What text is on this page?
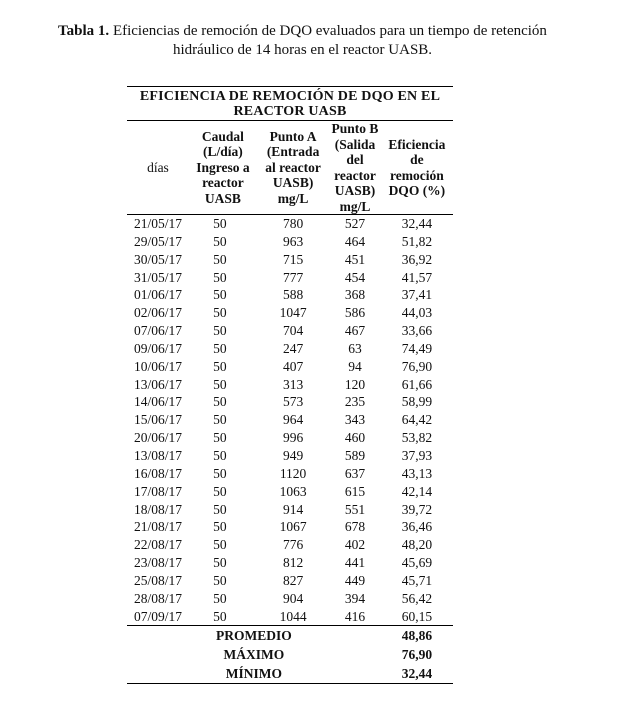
Tabla 1. Eficiencias de remoción de DQO evaluados para un tiempo de retención hidráulico de 14 horas en el reactor UASB.
EFICIENCIA DE REMOCIÓN DE DQO EN EL REACTOR UASB				
días	Caudal (L/día) Ingreso a reactor UASB	Punto A (Entrada al reactor UASB) mg/L	Punto B (Salida del reactor UASB) mg/L	Eficiencia de remoción DQO (%)
21/05/17	50	780	527	32,44
29/05/17	50	963	464	51,82
30/05/17	50	715	451	36,92
31/05/17	50	777	454	41,57
01/06/17	50	588	368	37,41
02/06/17	50	1047	586	44,03
07/06/17	50	704	467	33,66
09/06/17	50	247	63	74,49
10/06/17	50	407	94	76,90
13/06/17	50	313	120	61,66
14/06/17	50	573	235	58,99
15/06/17	50	964	343	64,42
20/06/17	50	996	460	53,82
13/08/17	50	949	589	37,93
16/08/17	50	1120	637	43,13
17/08/17	50	1063	615	42,14
18/08/17	50	914	551	39,72
21/08/17	50	1067	678	36,46
22/08/17	50	776	402	48,20
23/08/17	50	812	441	45,69
25/08/17	50	827	449	45,71
28/08/17	50	904	394	56,42
07/09/17	50	1044	416	60,15
PROMEDIO				48,86
MÁXIMO				76,90
MÍNIMO				32,44
